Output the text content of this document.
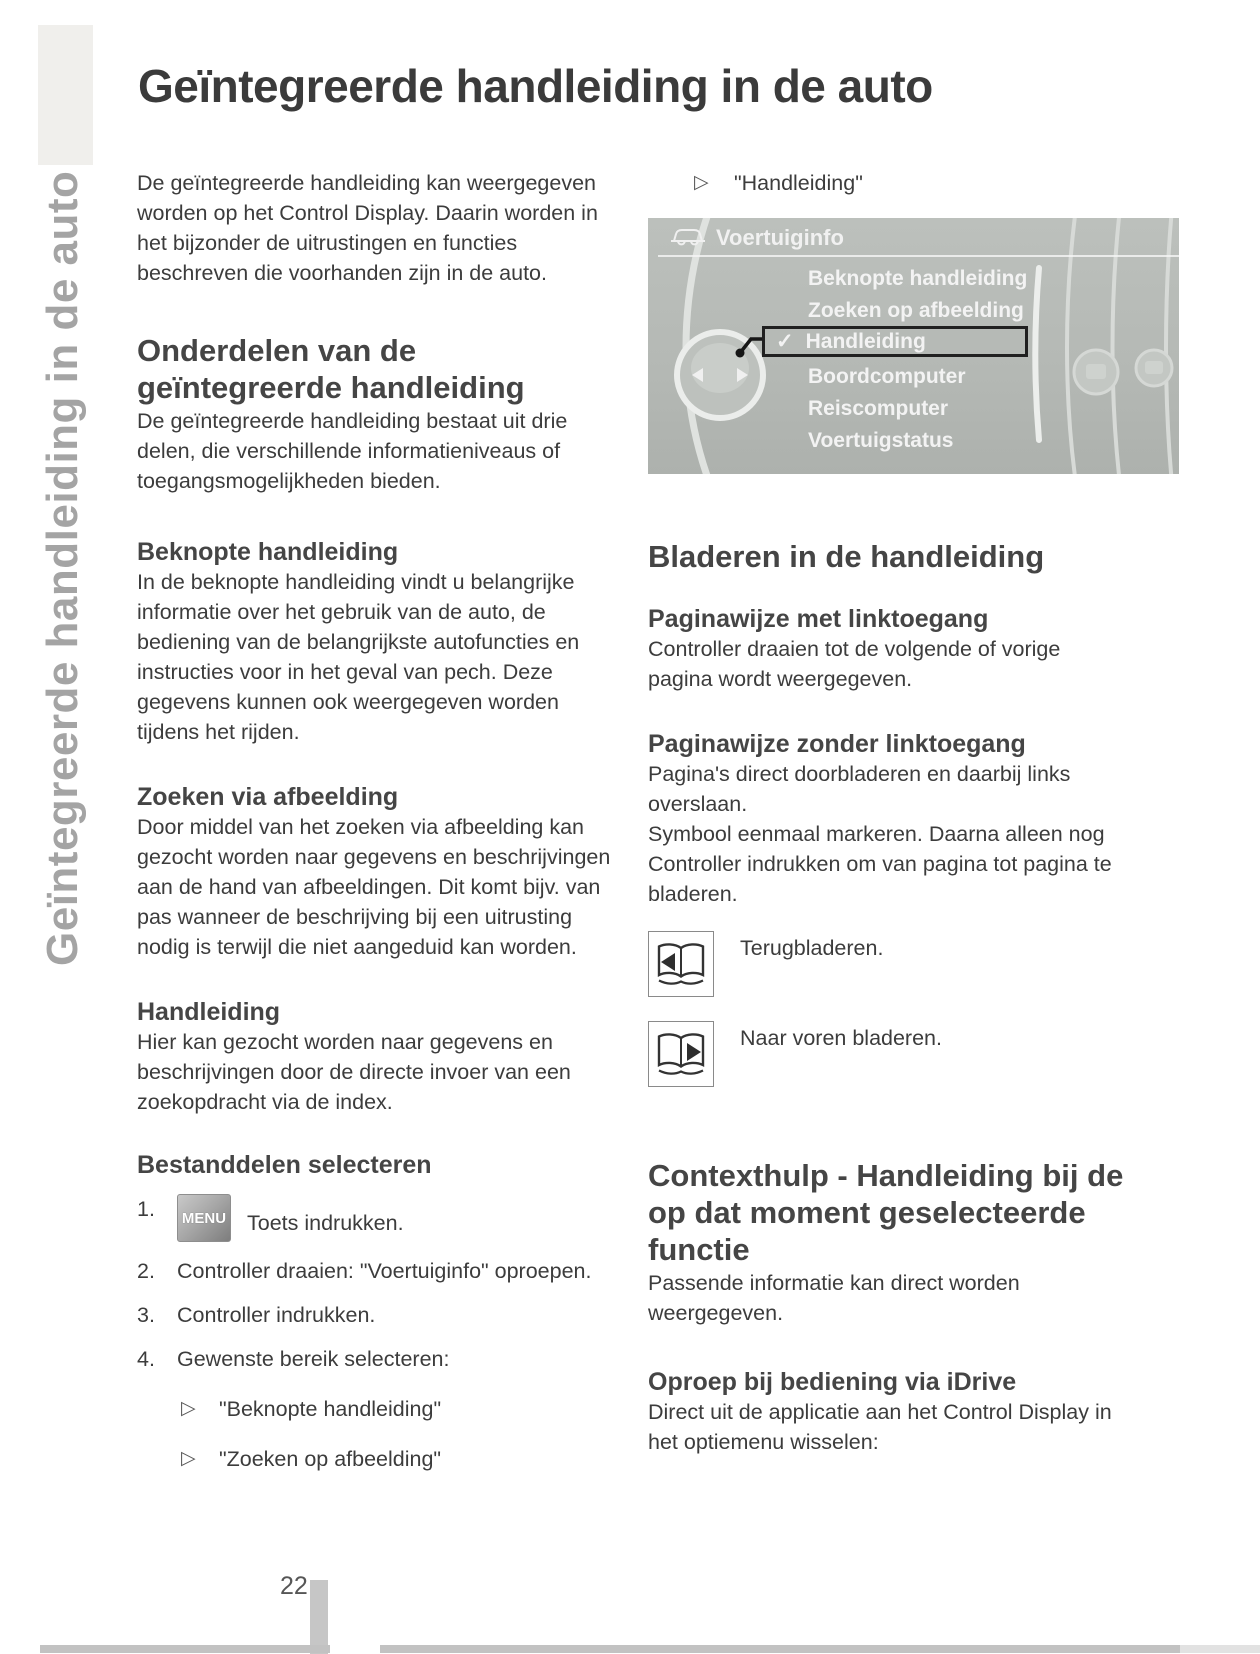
Geïntegreerde handleiding in de auto
Geïntegreerde handleiding in de auto

De geïntegreerde handleiding kan weergegeven worden op het Control Display. Daarin worden in het bijzonder de uitrustingen en functies beschreven die voorhanden zijn in de auto.

Onderdelen van de geïntegreerde handleiding

De geïntegreerde handleiding bestaat uit drie delen, die verschillende informatieniveaus of toegangsmogelijkheden bieden.

Beknopte handleiding

In de beknopte handleiding vindt u belangrijke informatie over het gebruik van de auto, de bediening van de belangrijkste autofuncties en instructies voor in het geval van pech. Deze gegevens kunnen ook weergegeven worden tijdens het rijden.

Zoeken via afbeelding

Door middel van het zoeken via afbeelding kan gezocht worden naar gegevens en beschrijvingen aan de hand van afbeeldingen. Dit komt bijv. van pas wanneer de beschrijving bij een uitrusting nodig is terwijl die niet aangeduid kan worden.

Handleiding

Hier kan gezocht worden naar gegevens en beschrijvingen door de directe invoer van een zoekopdracht via de index.

Bestanddelen selecteren
1.	MENU Toets indrukken.
2.	Controller draaien: "Voertuiginfo" oproepen.
3.	Controller indrukken.
4.	Gewenste bereik selecteren:
▷	"Beknopte handleiding"
▷	"Zoeken op afbeelding"
▷	"Handleiding"
Voertuiginfo
Beknopte handleiding
Zoeken op afbeelding
✓ Handleiding
Boordcomputer
Reiscomputer
Voertuigstatus
Bladeren in de handleiding
Paginawijze met linktoegang

Controller draaien tot de volgende of vorige pagina wordt weergegeven.

Paginawijze zonder linktoegang

Pagina's direct doorbladeren en daarbij links overslaan.

Symbool eenmaal markeren. Daarna alleen nog Controller indrukken om van pagina tot pagina te bladeren.

Terugbladeren.
Naar voren bladeren.
Contexthulp - Handleiding bij de op dat moment geselecteerde functie

Passende informatie kan direct worden weergegeven.

Oproep bij bediening via iDrive

Direct uit de applicatie aan het Control Display in het optiemenu wisselen:

22
